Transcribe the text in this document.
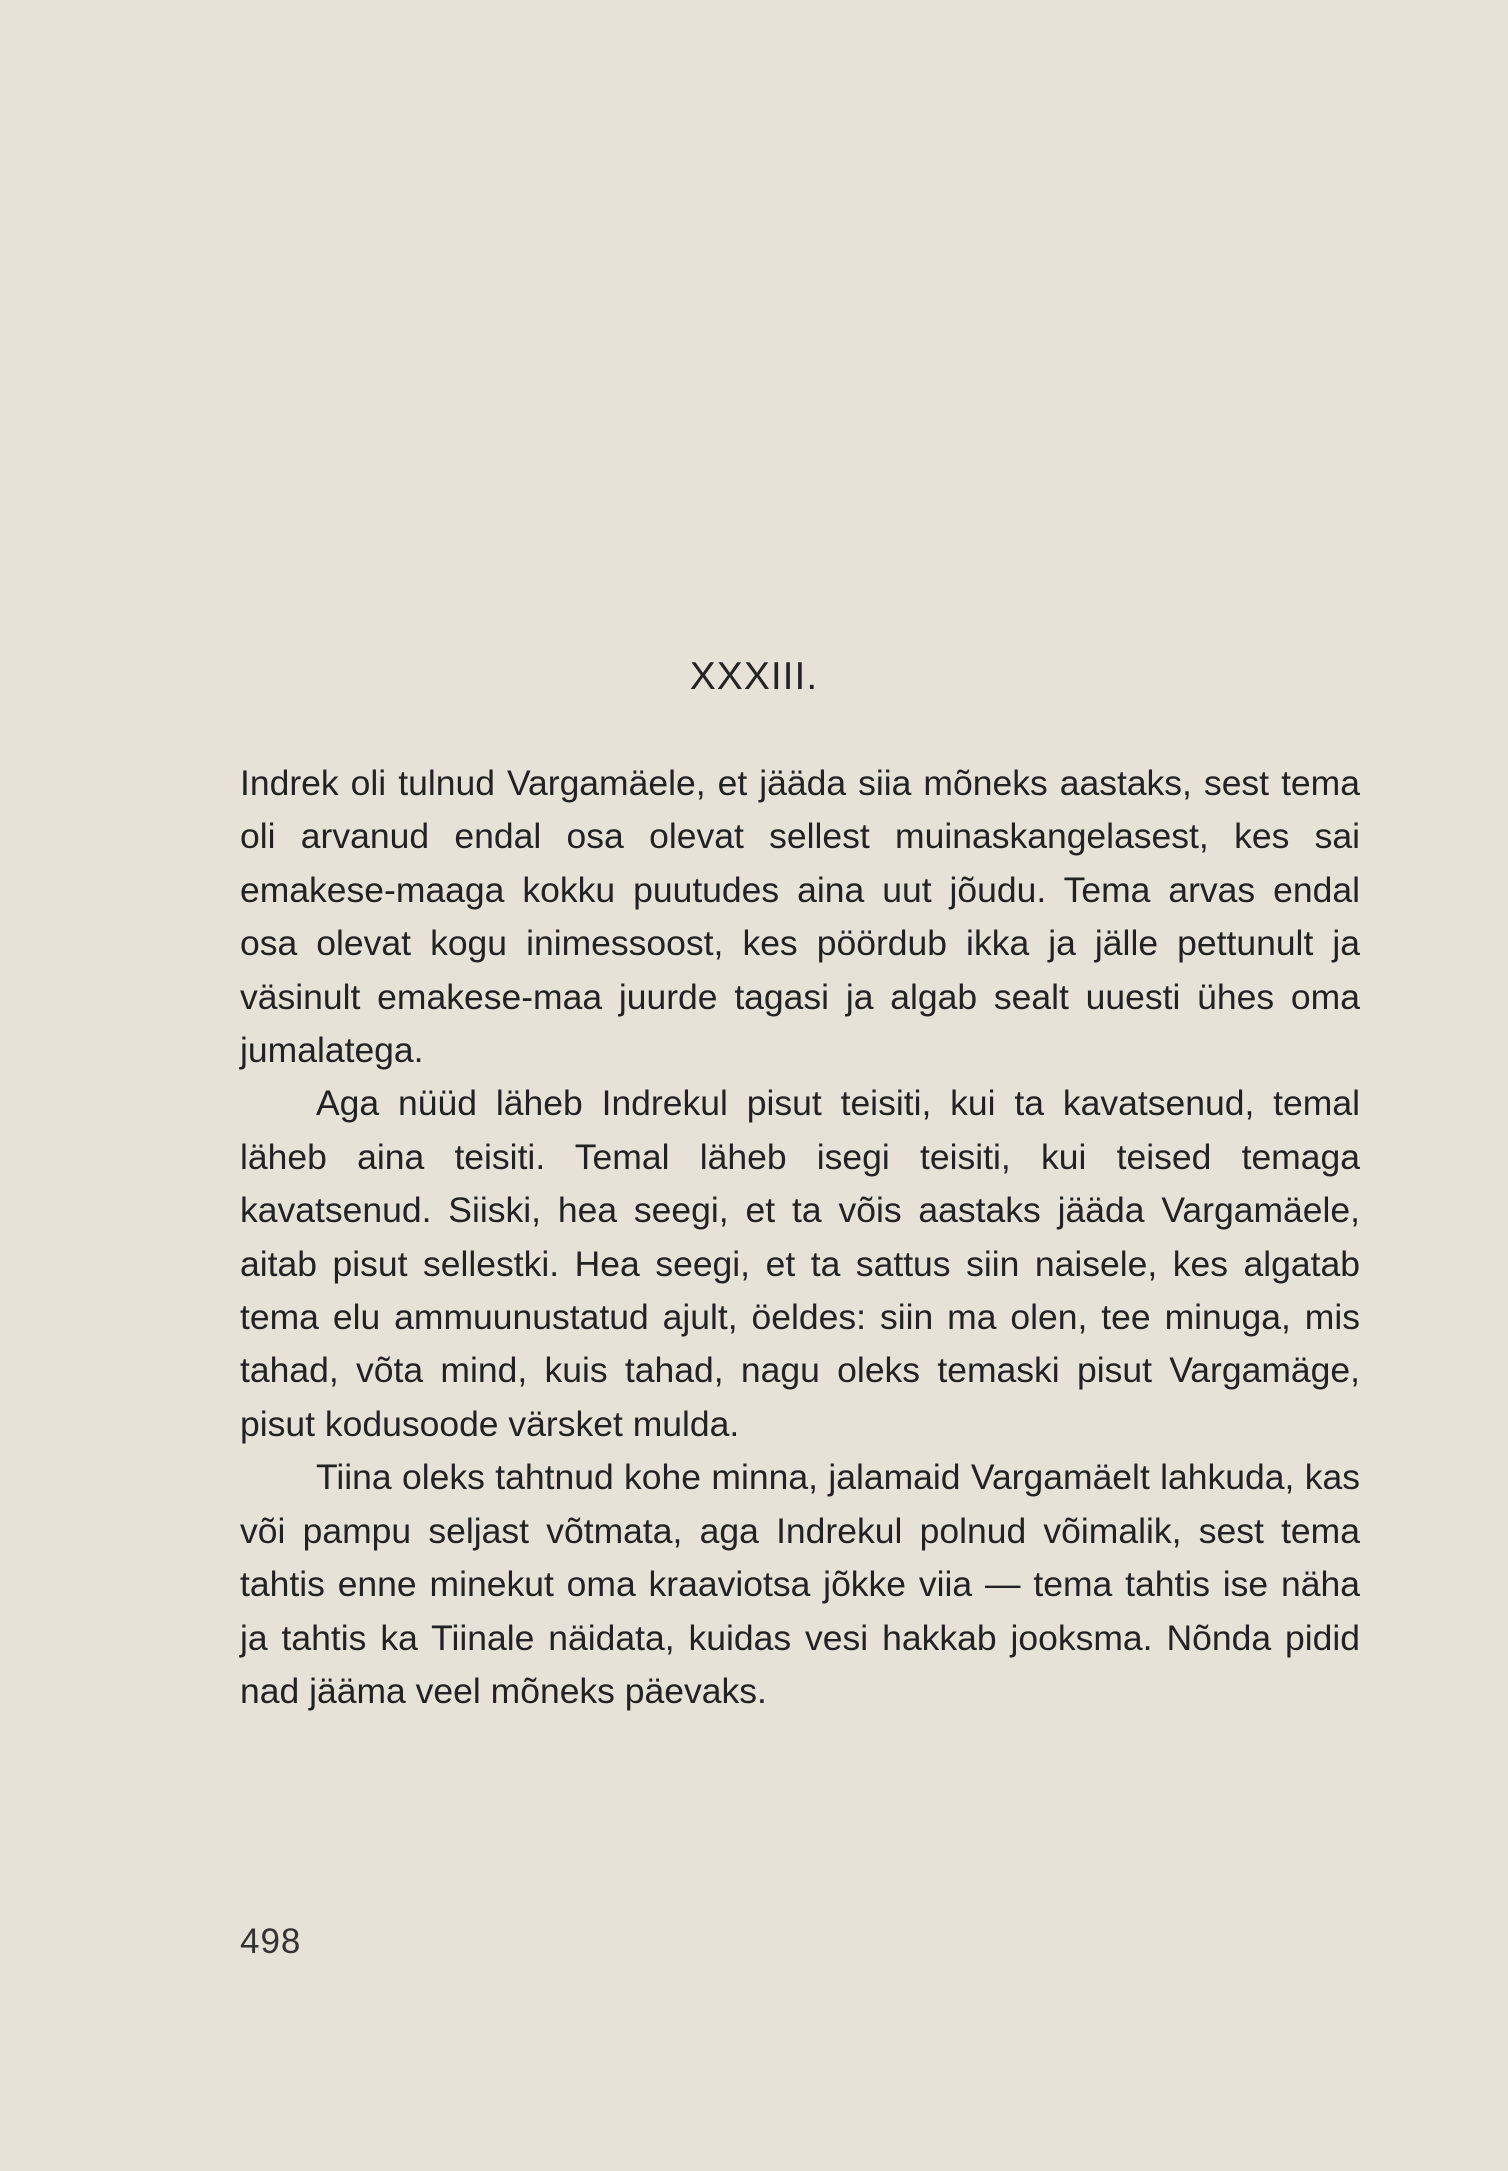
XXXIII.

Indrek oli tulnud Vargamäele, et jääda siia mõneks aastaks, sest tema oli arvanud endal osa olevat sellest muinaskangelasest, kes sai emakese-maaga kokku puutudes aina uut jõudu. Tema arvas endal osa olevat kogu inimessoost, kes pöördub ikka ja jälle pettunult ja väsinult emakese-maa juurde tagasi ja algab sealt uuesti ühes oma jumalatega.

Aga nüüd läheb Indrekul pisut teisiti, kui ta kavatsenud, temal läheb aina teisiti. Temal läheb isegi teisiti, kui teised temaga kavatsenud. Siiski, hea seegi, et ta võis aastaks jääda Vargamäele, aitab pisut sellestki. Hea seegi, et ta sattus siin naisele, kes algatab tema elu ammuunustatud ajult, öeldes: siin ma olen, tee minuga, mis tahad, võta mind, kuis tahad, nagu oleks temaski pisut Vargamäge, pisut kodusoode värsket mulda.

Tiina oleks tahtnud kohe minna, jalamaid Vargamäelt lahkuda, kas või pampu seljast võtmata, aga Indrekul polnud võimalik, sest tema tahtis enne minekut oma kraaviotsa jõkke viia — tema tahtis ise näha ja tahtis ka Tiinale näidata, kuidas vesi hakkab jooksma. Nõnda pidid nad jääma veel mõneks päevaks.

498
